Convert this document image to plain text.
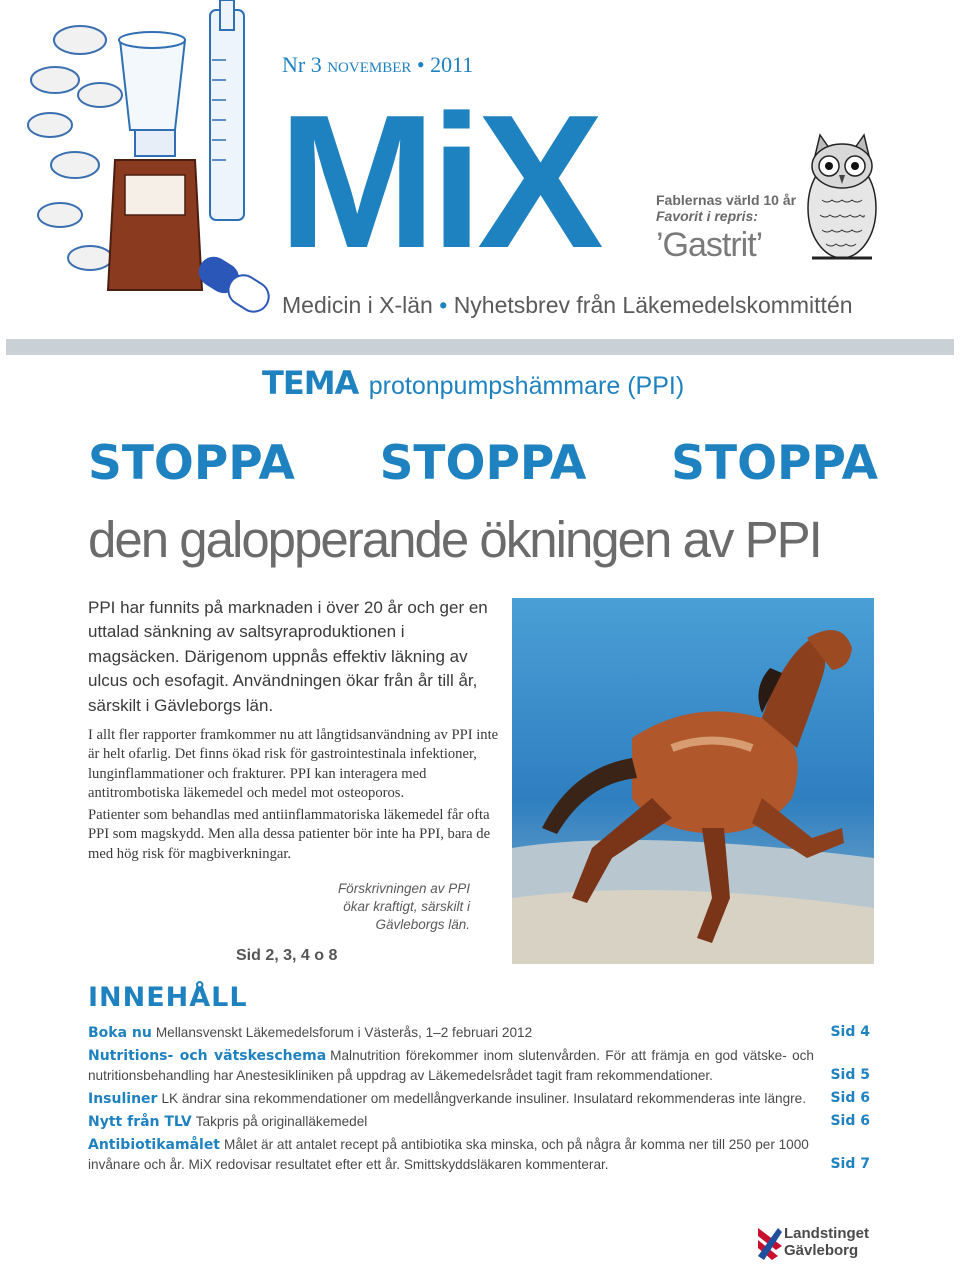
Nr 3 november • 2011
MiX	Fablernas värld 10 år
Favorit i repris:
’Gastrit’
Medicin i X-län • Nyhetsbrev från Läkemedelskommittén
TEMA protonpumpshämmare (PPI)
STOPPA STOPPA STOPPA
den galopperande ökningen av PPI
PPI har funnits på marknaden i över 20 år och ger en uttalad sänkning av saltsyraproduktionen i magsäcken. Därigenom uppnås effektiv läkning av ulcus och esofagit. Användningen ökar från år till år, särskilt i Gävleborgs län.

I allt fler rapporter framkommer nu att långtidsanvändning av PPI inte är helt ofarlig. Det finns ökad risk för gastrointestinala infektioner, lunginflammationer och frakturer. PPI kan interagera med antitrombotiska läkemedel och medel mot osteoporos.

Patienter som behandlas med antiinflammatoriska läkemedel får ofta PPI som magskydd. Men alla dessa patienter bör inte ha PPI, bara de med hög risk för magbiverkningar.

Förskrivningen av PPI ökar kraftigt, särskilt i Gävleborgs län.
Sid 2, 3, 4 o 8
INNEHÅLL
Boka nu Mellansvenskt Läkemedelsforum i Västerås, 1–2 februari 2012	Sid 4
Nutritions- och vätskeschema Malnutrition förekommer inom slutenvården. För att främja en god vätske- och nutritionsbehandling har Anestesikliniken på uppdrag av Läkemedelsrådet tagit fram rekommendationer.	Sid 5
Insuliner LK ändrar sina rekommendationer om medellångverkande insuliner. Insulatard rekommenderas inte längre. Sid 6
Nytt från TLV Takpris på originalläkemedel	Sid 6
Antibiotikamålet Målet är att antalet recept på antibiotika ska minska, och på några år komma ner till 250 per 1000 invånare och år. MiX redovisar resultatet efter ett år. Smittskyddsläkaren kommenterar.	Sid 7
Landstinget
Gävleborg
